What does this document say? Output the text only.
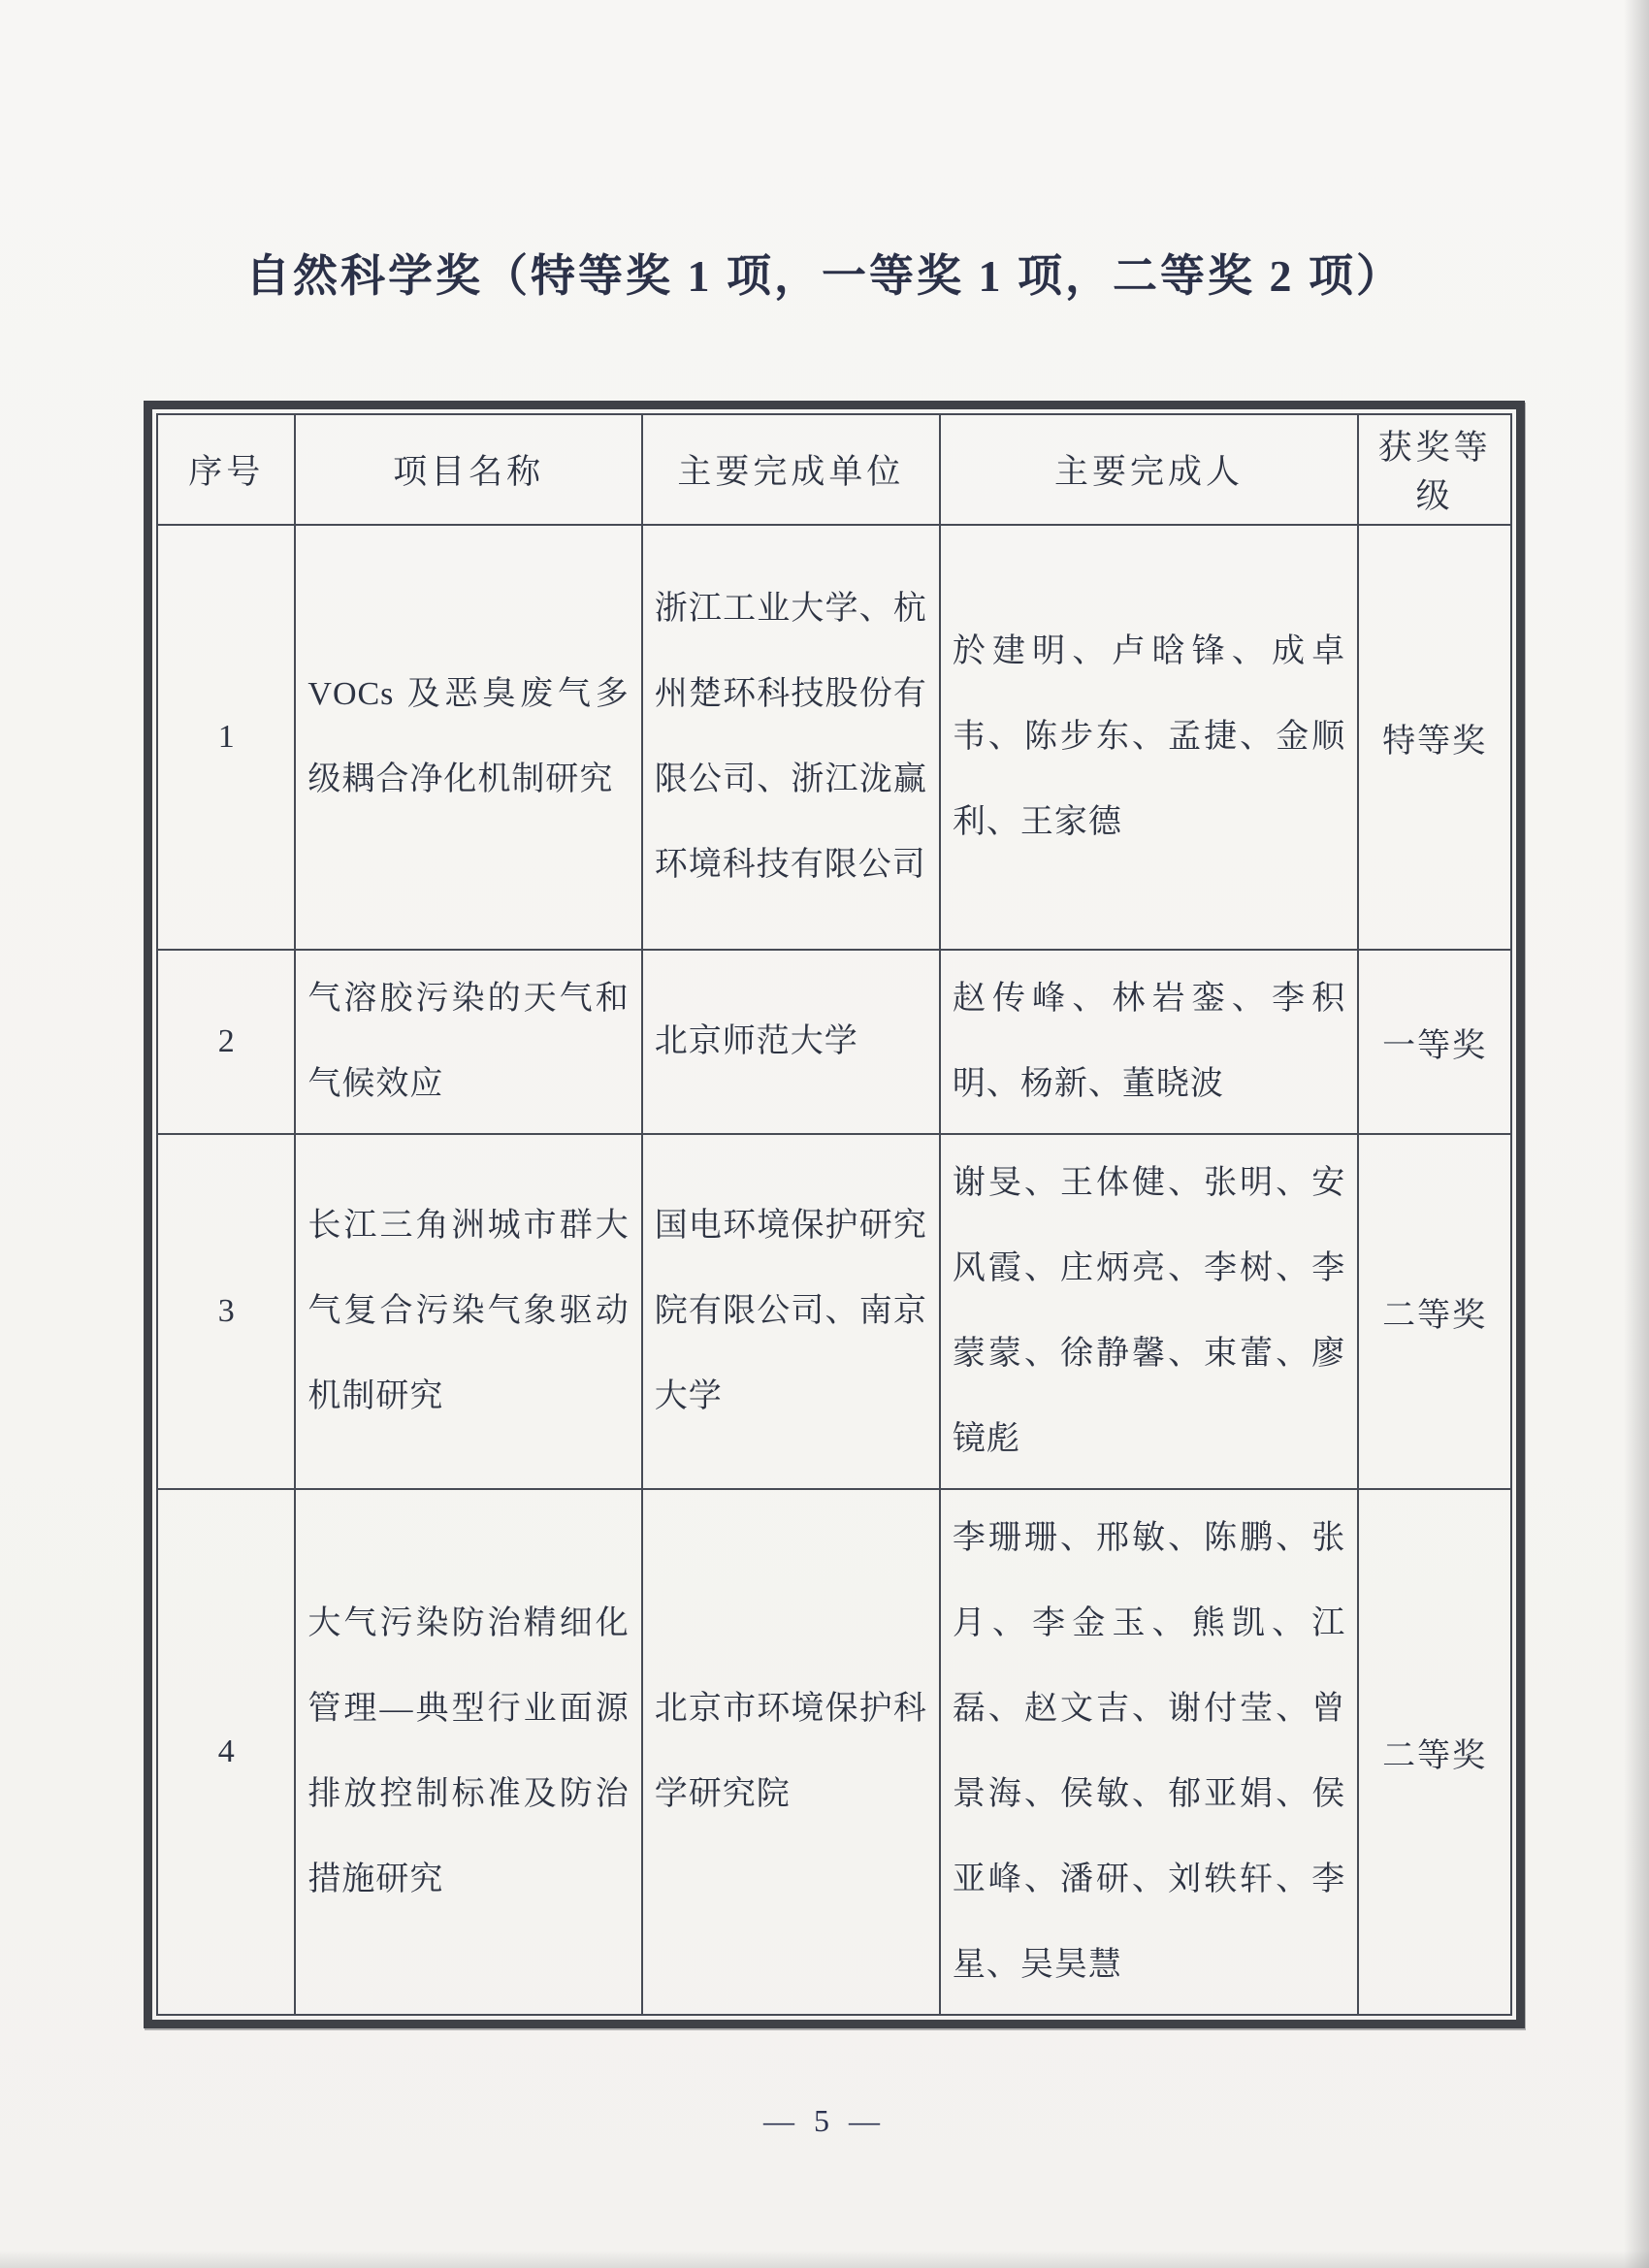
自然科学奖（特等奖 1 项，一等奖 1 项，二等奖 2 项）
序号	项目名称	主要完成单位	主要完成人	获奖等级
1	VOCs 及恶臭废气多级耦合净化机制研究	浙江工业大学、杭州楚环科技股份有限公司、浙江泷赢环境科技有限公司	於建明、卢晗锋、成卓韦、陈步东、孟捷、金顺利、王家德	特等奖
2	气溶胶污染的天气和气候效应	北京师范大学	赵传峰、林岩銮、李积明、杨新、董晓波	一等奖
3	长江三角洲城市群大气复合污染气象驱动机制研究	国电环境保护研究院有限公司、南京大学	谢旻、王体健、张明、安风霞、庄炳亮、李树、李蒙蒙、徐静馨、束蕾、廖镜彪	二等奖
4	大气污染防治精细化管理—典型行业面源排放控制标准及防治措施研究	北京市环境保护科学研究院	李珊珊、邢敏、陈鹏、张月、李金玉、熊凯、江磊、赵文吉、谢付莹、曾景海、侯敏、郁亚娟、侯亚峰、潘研、刘轶轩、李星、吴昊慧	二等奖
— 5 —
